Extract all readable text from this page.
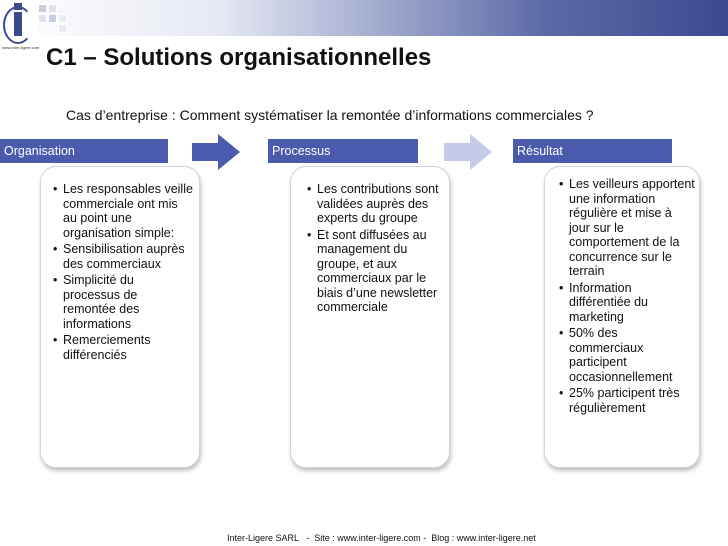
www.inter-ligere.com C1 – Solutions organisationnelles
Cas d’entreprise : Comment systématiser la remontée d’informations commerciales ?
Organisation	Processus	Résultat
• Les responsables veille commerciale ont mis au point une organisation simple:
• Sensibilisation auprès des commerciaux
• Simplicité du processus de remontée des informations
• Remerciements différenciés
• Les contributions sont validées auprès des experts du groupe
• Et sont diffusées au management du groupe, et aux commerciaux par le biais d’une newsletter commerciale
• Les veilleurs apportent une information régulière et mise à jour sur le comportement de la concurrence sur le terrain
• Information différentiée du marketing
• 50% des commerciaux participent occasionnellement
• 25% participent très régulièrement
Inter-Ligere SARL   -  Site : www.inter-ligere.com -  Blog : www.inter-ligere.net
